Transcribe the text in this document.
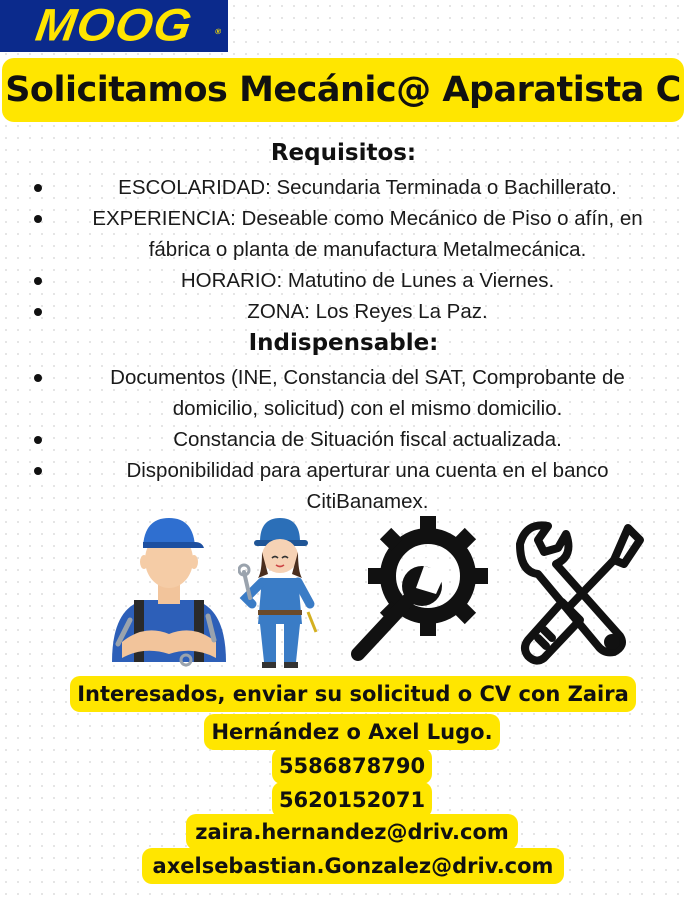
MOOG ®
Solicitamos Mecánic@ Aparatista C
Requisitos:
ESCOLARIDAD: Secundaria Terminada o Bachillerato.
EXPERIENCIA: Deseable como Mecánico de Piso o afín, en
fábrica o planta de manufactura Metalmecánica.
HORARIO: Matutino de Lunes a Viernes.
ZONA: Los Reyes La Paz.
Indispensable:
Documentos (INE, Constancia del SAT, Comprobante de
domicilio, solicitud) con el mismo domicilio.
Constancia de Situación fiscal actualizada.
Disponibilidad para aperturar una cuenta en el banco
CitiBanamex.
Interesados, enviar su solicitud o CV con Zaira
Hernández o Axel Lugo.
5586878790
5620152071
zaira.hernandez@driv.com
axelsebastian.Gonzalez@driv.com
